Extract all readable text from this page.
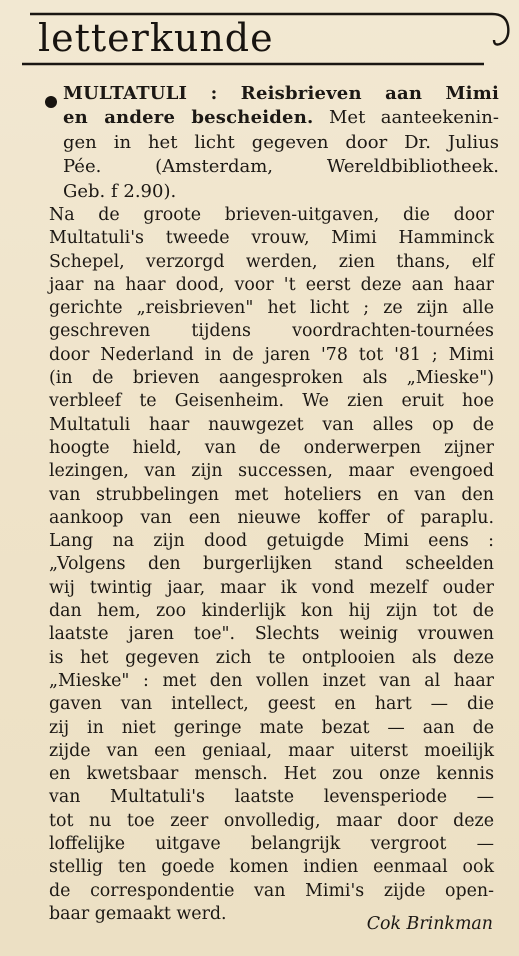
letterkunde
MULTATULI : Reisbrieven aan Mimi
en andere bescheiden. Met aanteekenin-
gen in het licht gegeven door Dr. Julius
Pée. (Amsterdam, Wereldbibliotheek.
Geb. f 2.90).
Na de groote brieven-uitgaven, die door
Multatuli's tweede vrouw, Mimi Hamminck
Schepel, verzorgd werden, zien thans, elf
jaar na haar dood, voor 't eerst deze aan haar
gerichte „reisbrieven" het licht ; ze zijn alle
geschreven tijdens voordrachten-tournées
door Nederland in de jaren '78 tot '81 ; Mimi
(in de brieven aangesproken als „Mieske")
verbleef te Geisenheim. We zien eruit hoe
Multatuli haar nauwgezet van alles op de
hoogte hield, van de onderwerpen zijner
lezingen, van zijn successen, maar evengoed
van strubbelingen met hoteliers en van den
aankoop van een nieuwe koffer of paraplu.
Lang na zijn dood getuigde Mimi eens :
„Volgens den burgerlijken stand scheelden
wij twintig jaar, maar ik vond mezelf ouder
dan hem, zoo kinderlijk kon hij zijn tot de
laatste jaren toe". Slechts weinig vrouwen
is het gegeven zich te ontplooien als deze
„Mieske" : met den vollen inzet van al haar
gaven van intellect, geest en hart — die
zij in niet geringe mate bezat — aan de
zijde van een geniaal, maar uiterst moeilijk
en kwetsbaar mensch. Het zou onze kennis
van Multatuli's laatste levensperiode —
tot nu toe zeer onvolledig, maar door deze
loffelijke uitgave belangrijk vergroot —
stellig ten goede komen indien eenmaal ook
de correspondentie van Mimi's zijde open-
baar gemaakt werd.
Cok Brinkman
